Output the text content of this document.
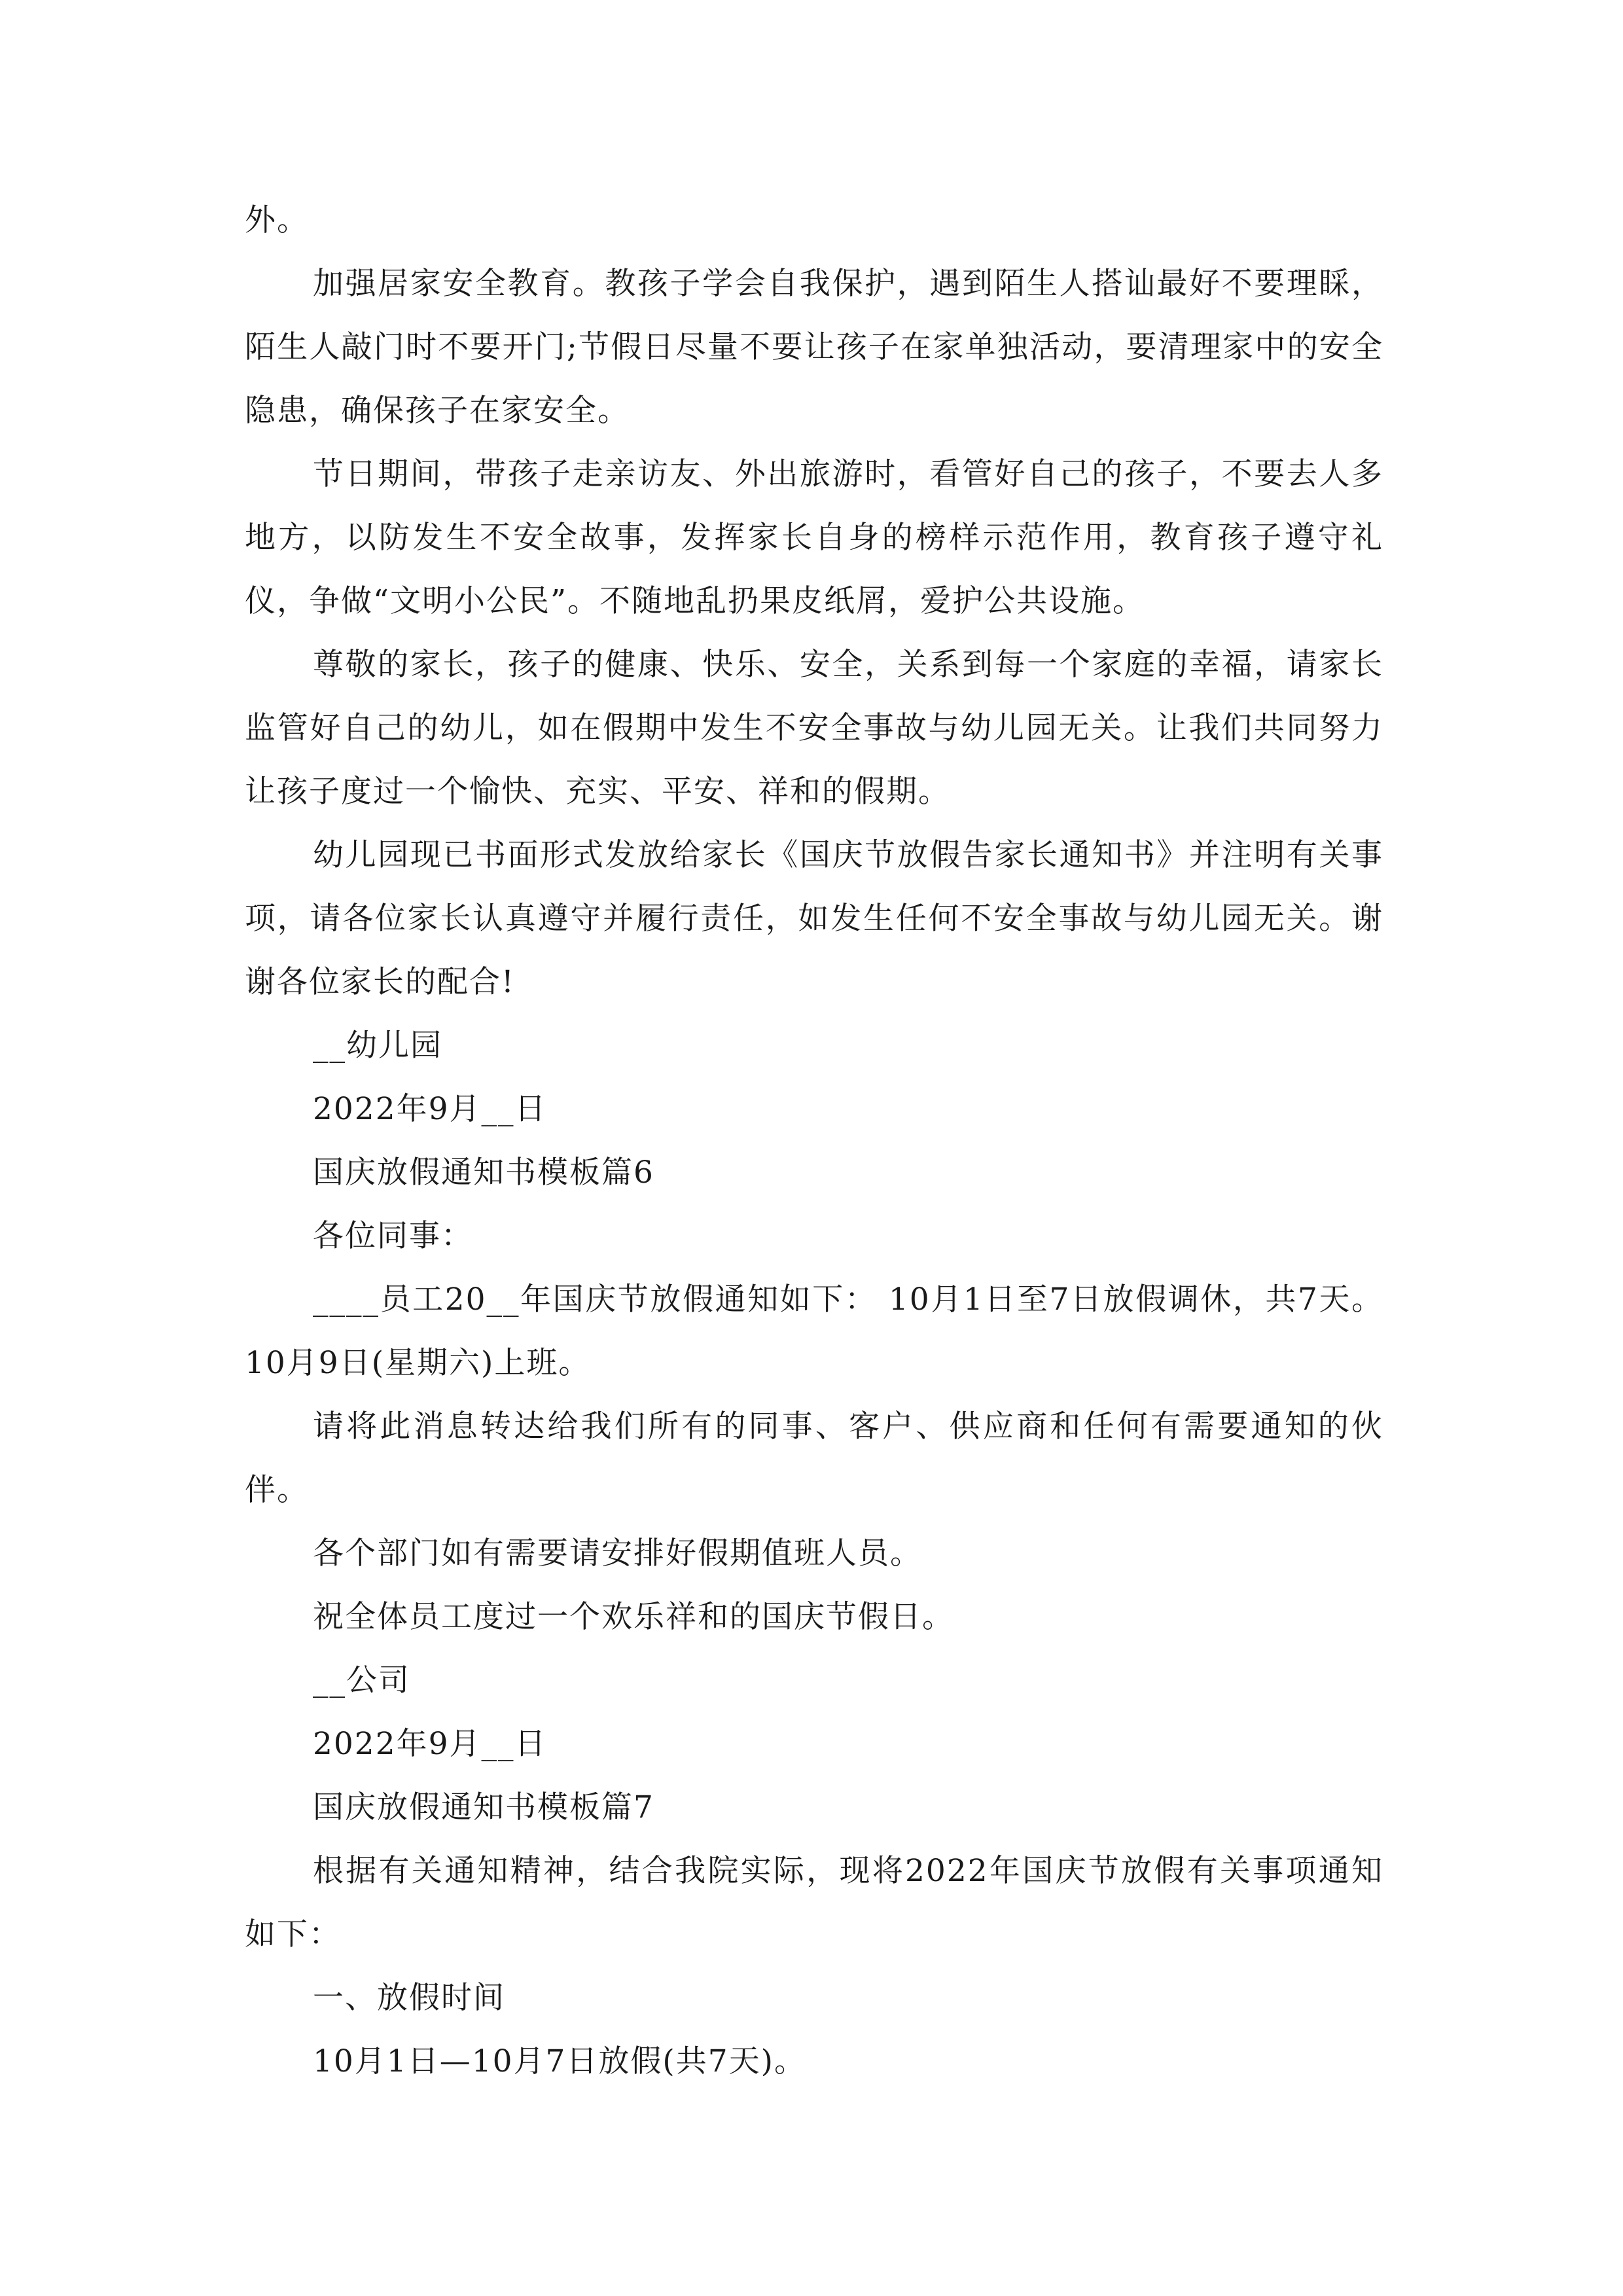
外。

加强居家安全教育。教孩子学会自我保护，遇到陌生人搭讪最好不要理睬，陌生人敲门时不要开门;节假日尽量不要让孩子在家单独活动，要清理家中的安全隐患，确保孩子在家安全。

节日期间，带孩子走亲访友、外出旅游时，看管好自己的孩子，不要去人多地方，以防发生不安全故事，发挥家长自身的榜样示范作用，教育孩子遵守礼仪，争做“文明小公民”。不随地乱扔果皮纸屑，爱护公共设施。

尊敬的家长，孩子的健康、快乐、安全，关系到每一个家庭的幸福，请家长监管好自己的幼儿，如在假期中发生不安全事故与幼儿园无关。让我们共同努力让孩子度过一个愉快、充实、平安、祥和的假期。

幼儿园现已书面形式发放给家长《国庆节放假告家长通知书》并注明有关事项，请各位家长认真遵守并履行责任，如发生任何不安全事故与幼儿园无关。谢谢各位家长的配合!

__幼儿园

2022年9月__日

国庆放假通知书模板篇6

各位同事：

____员工20__年国庆节放假通知如下： 10月1日至7日放假调休，共7天。10月9日(星期六)上班。

请将此消息转达给我们所有的同事、客户、供应商和任何有需要通知的伙伴。

各个部门如有需要请安排好假期值班人员。

祝全体员工度过一个欢乐祥和的国庆节假日。

__公司

2022年9月__日

国庆放假通知书模板篇7

根据有关通知精神，结合我院实际，现将2022年国庆节放假有关事项通知如下：

一、放假时间

10月1日—10月7日放假(共7天)。
